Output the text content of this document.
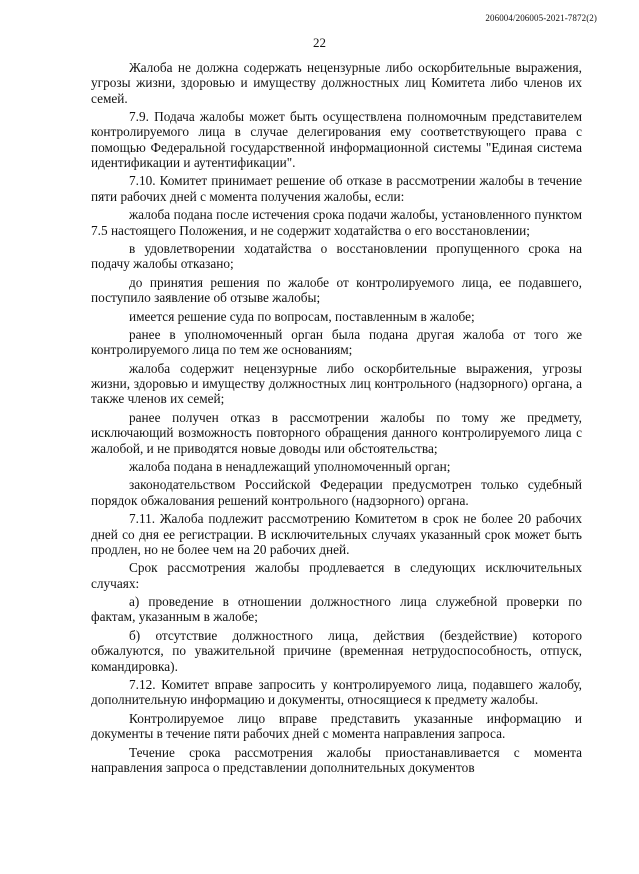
206004/206005-2021-7872(2)
22

Жалоба не должна содержать нецензурные либо оскорбительные выражения, угрозы жизни, здоровью и имуществу должностных лиц Комитета либо членов их семей.

7.9. Подача жалобы может быть осуществлена полномочным представителем контролируемого лица в случае делегирования ему соответствующего права с помощью Федеральной государственной информационной системы "Единая система идентификации и аутентификации".

7.10. Комитет принимает решение об отказе в рассмотрении жалобы в течение пяти рабочих дней с момента получения жалобы, если:

жалоба подана после истечения срока подачи жалобы, установленного пунктом 7.5 настоящего Положения, и не содержит ходатайства о его восстановлении;

в удовлетворении ходатайства о восстановлении пропущенного срока на подачу жалобы отказано;

до принятия решения по жалобе от контролируемого лица, ее подавшего, поступило заявление об отзыве жалобы;

имеется решение суда по вопросам, поставленным в жалобе;

ранее в уполномоченный орган была подана другая жалоба от того же контролируемого лица по тем же основаниям;

жалоба содержит нецензурные либо оскорбительные выражения, угрозы жизни, здоровью и имуществу должностных лиц контрольного (надзорного) органа, а также членов их семей;

ранее получен отказ в рассмотрении жалобы по тому же предмету, исключающий возможность повторного обращения данного контролируемого лица с жалобой, и не приводятся новые доводы или обстоятельства;

жалоба подана в ненадлежащий уполномоченный орган;

законодательством Российской Федерации предусмотрен только судебный порядок обжалования решений контрольного (надзорного) органа.

7.11. Жалоба подлежит рассмотрению Комитетом в срок не более 20 рабочих дней со дня ее регистрации. В исключительных случаях указанный срок может быть продлен, но не более чем на 20 рабочих дней.

Срок рассмотрения жалобы продлевается в следующих исключительных случаях:

а) проведение в отношении должностного лица служебной проверки по фактам, указанным в жалобе;

б) отсутствие должностного лица, действия (бездействие) которого обжалуются, по уважительной причине (временная нетрудоспособность, отпуск, командировка).

7.12. Комитет вправе запросить у контролируемого лица, подавшего жалобу, дополнительную информацию и документы, относящиеся к предмету жалобы.

Контролируемое лицо вправе представить указанные информацию и документы в течение пяти рабочих дней с момента направления запроса.

Течение срока рассмотрения жалобы приостанавливается с момента направления запроса о представлении дополнительных документов
